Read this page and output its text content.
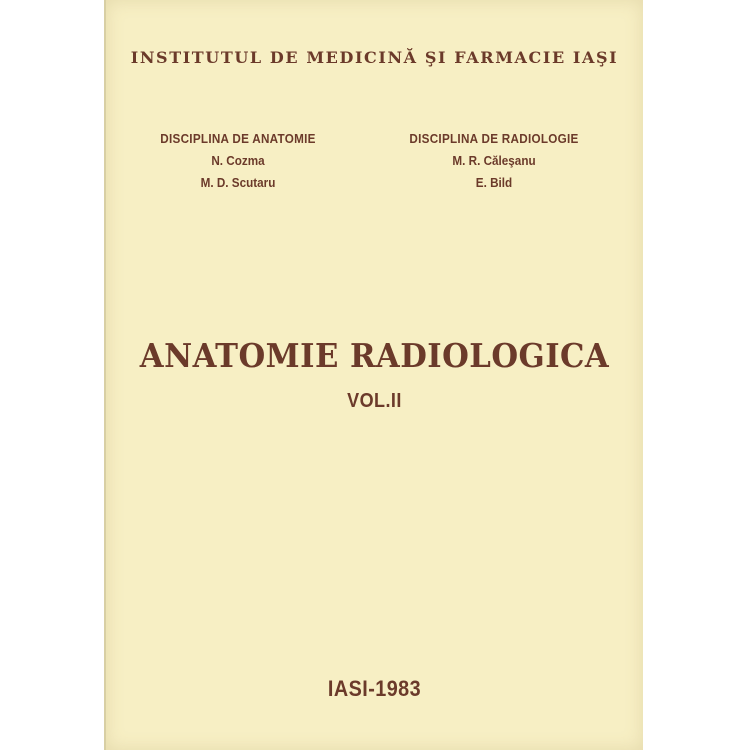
INSTITUTUL DE MEDICINĂ ŞI FARMACIE IAŞI
DISCIPLINA DE ANATOMIE
N. Cozma
M. D. Scutaru
DISCIPLINA DE RADIOLOGIE
M. R. Căleşanu
E. Bild
ANATOMIE RADIOLOGICA
VOL.II
IASI-1983
